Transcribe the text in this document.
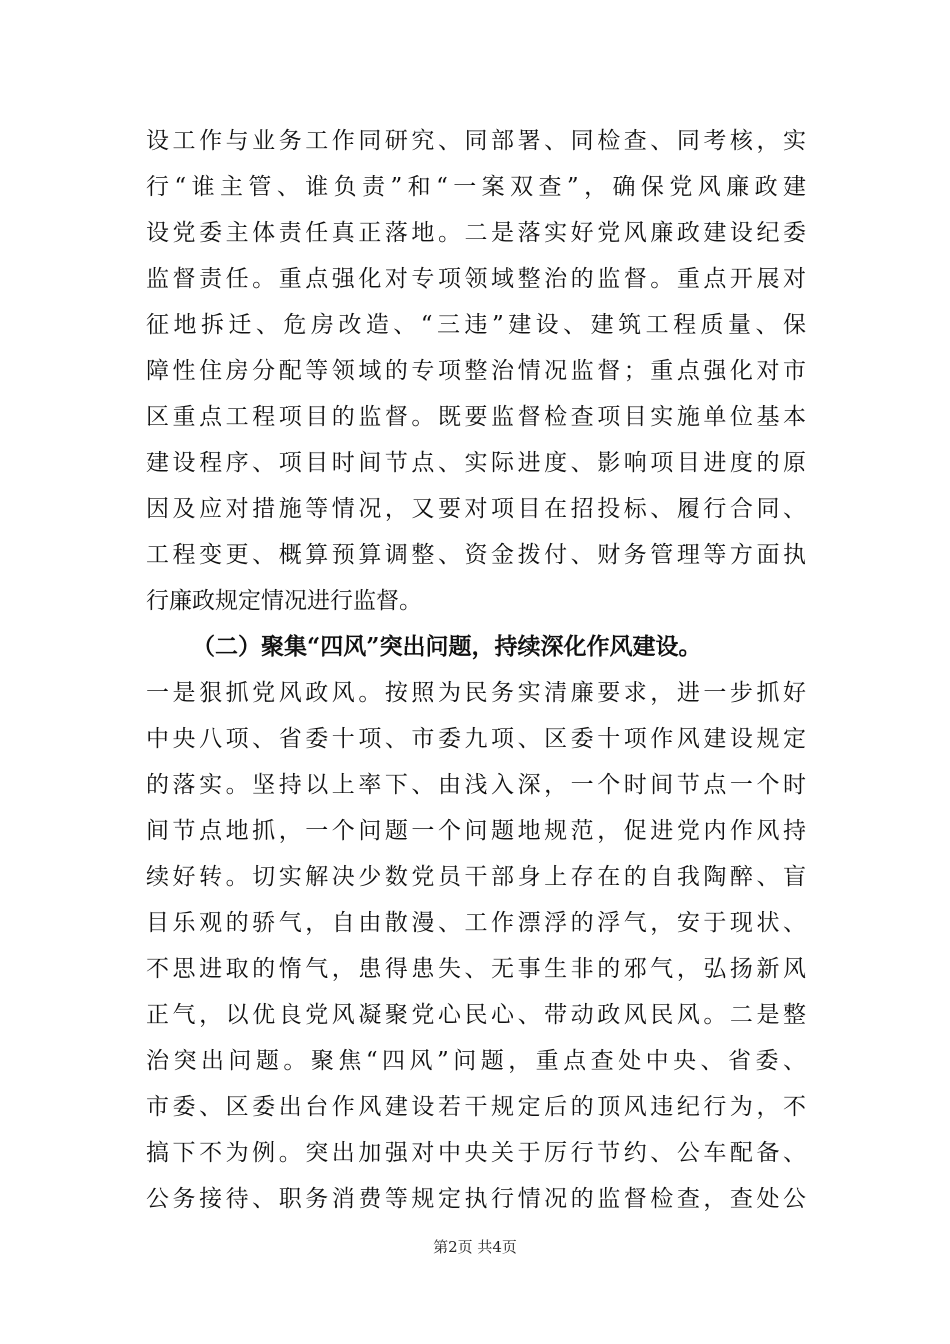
设工作与业务工作同研究、同部署、同检查、同考核，实
行“谁主管、谁负责”和“一案双查”，确保党风廉政建
设党委主体责任真正落地。二是落实好党风廉政建设纪委
监督责任。重点强化对专项领域整治的监督。重点开展对
征地拆迁、危房改造、“三违”建设、建筑工程质量、保
障性住房分配等领域的专项整治情况监督；重点强化对市
区重点工程项目的监督。既要监督检查项目实施单位基本
建设程序、项目时间节点、实际进度、影响项目进度的原
因及应对措施等情况，又要对项目在招投标、履行合同、
工程变更、概算预算调整、资金拨付、财务管理等方面执
行廉政规定情况进行监督。
（二）聚集“四风”突出问题，持续深化作风建设。
一是狠抓党风政风。按照为民务实清廉要求，进一步抓好
中央八项、省委十项、市委九项、区委十项作风建设规定
的落实。坚持以上率下、由浅入深，一个时间节点一个时
间节点地抓，一个问题一个问题地规范，促进党内作风持
续好转。切实解决少数党员干部身上存在的自我陶醉、盲
目乐观的骄气，自由散漫、工作漂浮的浮气，安于现状、
不思进取的惰气，患得患失、无事生非的邪气，弘扬新风
正气，以优良党风凝聚党心民心、带动政风民风。二是整
治突出问题。聚焦“四风”问题，重点查处中央、省委、
市委、区委出台作风建设若干规定后的顶风违纪行为，不
搞下不为例。突出加强对中央关于厉行节约、公车配备、
公务接待、职务消费等规定执行情况的监督检查，查处公
第2页 共4页
